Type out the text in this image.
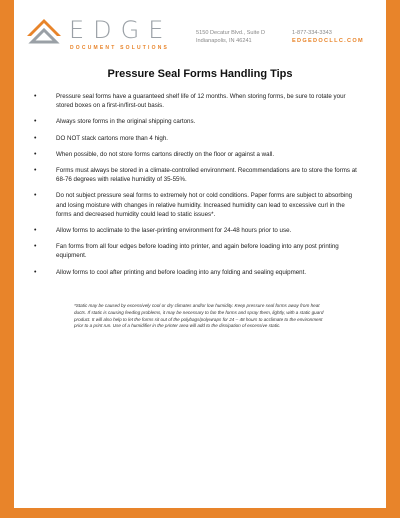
EDGE
DOCUMENT SOLUTIONS
5150 Decatur Blvd., Suite D
Indianapolis, IN 46241
1-877-334-3343
EDGEDOCLLC.COM
Pressure Seal Forms Handling Tips
•	Pressure seal forms have a guaranteed shelf life of 12 months. When storing forms, be sure to rotate your stored boxes on a first-in/first-out basis.
•	Always store forms in the original shipping cartons.
•	DO NOT stack cartons more than 4 high.
•	When possible, do not store forms cartons directly on the floor or against a wall.
•	Forms must always be stored in a climate-controlled environment. Recommendations are to store the forms at 68-76 degrees with relative humidity of 35-55%.
•	Do not subject pressure seal forms to extremely hot or cold conditions. Paper forms are subject to absorbing and losing moisture with changes in relative humidity. Increased humidity can lead to excessive curl in the forms and decreased humidity could lead to static issues*.
•	Allow forms to acclimate to the laser-printing environment for 24-48 hours prior to use.
•	Fan forms from all four edges before loading into printer, and again before loading into any post printing equipment.
•	Allow forms to cool after printing and before loading into any folding and sealing equipment.
*Static may be caused by excessively cool or dry climates and/or low humidity. Keep pressure seal forms away from heat ducts. If static is causing feeding problems, it may be necessary to fan the forms and spray them, lightly, with a static guard product. It will also help to let the forms sit out of the polybags/polywraps for 24 – 48 hours to acclimate to the environment prior to a print run. Use of a humidifier in the printer area will add to the dissipation of excessive static.
